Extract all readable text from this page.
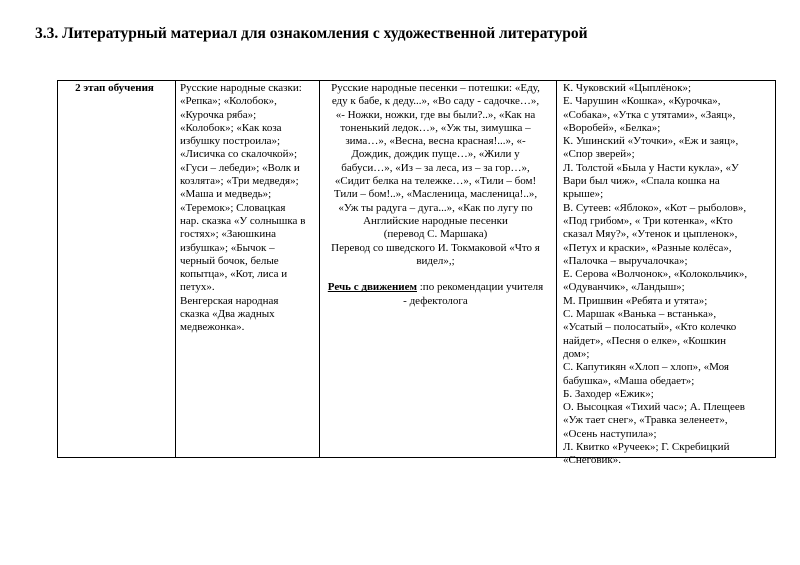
3.3. Литературный материал для ознакомления с художественной литературой
2 этап обучения	Русские народные сказки:
«Репка»; «Колобок»,
«Курочка ряба»;
«Колобок»; «Как коза
избушку построила»;
«Лисичка со скалочкой»;
«Гуси – лебеди»; «Волк и
козлята»; «Три медведя»;
«Маша и медведь»;
«Теремок»; Словацкая
нар. сказка «У солнышка в
гостях»; «Заюшкина
избушка»; «Бычок –
черный бочок, белые
копытца», «Кот, лиса и
петух».
Венгерская народная
сказка «Два жадных
медвежонка».
Русские народные песенки – потешки: «Еду,
еду к бабе, к деду...», «Во саду - садочке…»,
«- Ножки, ножки, где вы были?..», «Как на
тоненький ледок…», «Уж ты, зимушка –
зима…», «Весна, весна красная!...», «-
Дождик, дождик пуще…», «Жили у
бабуси…», «Из – за леса, из – за гор…»,
«Сидит белка на тележке…», «Тили – бом!
Тили – бом!..», «Масленица, масленица!..»,
«Уж ты радуга – дуга...», «Как по лугу по
Английские народные песенки
(перевод С. Маршака)
Перевод со шведского И. Токмаковой «Что я
видел»,;
Речь с движением :по рекомендации учителя
- дефектолога
К. Чуковский «Цыплёнок»;
Е. Чарушин «Кошка», «Курочка»,
«Собака», «Утка с утятами», «Заяц»,
«Воробей», «Белка»;
К. Ушинский «Уточки», «Еж и заяц»,
«Спор зверей»;
Л. Толстой «Была у Насти кукла», «У
Вари был чиж», «Спала кошка на
крыше»;
В. Сутеев: «Яблоко», «Кот – рыболов»,
«Под грибом», « Три котенка», «Кто
сказал Мяу?», «Утенок и цыпленок»,
«Петух и краски», «Разные колёса»,
«Палочка – выручалочка»;
Е. Серова «Волчонок», «Колокольчик»,
«Одуванчик», «Ландыш»;
М. Пришвин «Ребята и утята»;
С. Маршак «Ванька – встанька»,
«Усатый – полосатый», «Кто колечко
найдет», «Песня о елке», «Кошкин
дом»;
С. Капутикян «Хлоп – хлоп», «Моя
бабушка», «Маша обедает»;
Б. Заходер «Ежик»;
О. Высоцкая «Тихий час»; А. Плещеев
«Уж тает снег», «Травка зеленеет»,
«Осень наступила»;
Л. Квитко «Ручеек»; Г. Скребицкий
«Снеговик».
